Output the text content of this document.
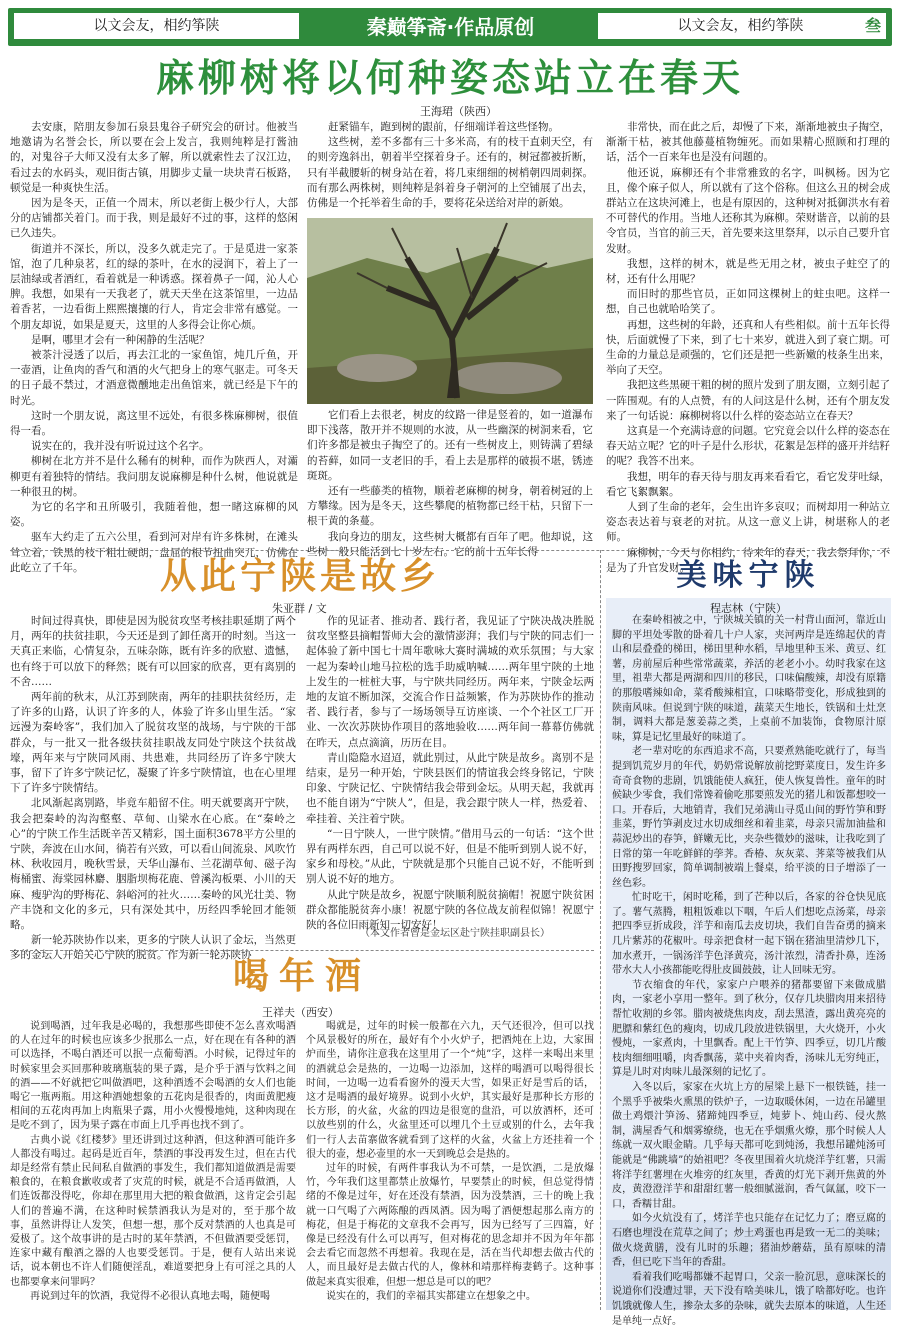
以文会友，相约筝陕	秦巅筝斋·作品原创	以文会友，相约筝陕	叁
麻柳树将以何种姿态站立在春天
王海珺（陕西）

去安康，陪朋友参加石泉县鬼谷子研究会的研讨。他被当地邀请为名誉会长，所以要在会上发言，我则纯粹是打酱油的，对鬼谷子大师又没有太多了解，所以就索性去了汉江边，看过去的水码头，观旧街古镇，用脚步丈量一块块青石板路，顿觉是一种爽快生活。

因为是冬天，正值一个周末，所以老街上极少行人，大部分的店铺都关着门。而于我，则是最好不过的事，这样的悠闲已久违失。

街道并不深长，所以，没多久就走完了。于是觅进一家茶馆，泡了几种泉茗，红的绿的茶叶，在水的浸润下，着上了一层油绿或者酒红，看着就是一种诱惑。探着鼻子一闻，沁人心脾。我想，如果有一天我老了，就天天坐在这茶馆里，一边品着香茗，一边看街上熙熙攘攘的行人，肯定会非常有感觉。一个朋友却说，如果是夏天，这里的人多得会让你心烦。

是啊，哪里才会有一种闲静的生活呢？

被茶汁浸透了以后，再去江北的一家鱼馆，炖几斤鱼，开一壶酒，让鱼肉的香气和酒的火气把身上的寒气驱走。可冬天的日子最不禁过，才酒意微醺地走出鱼馆来，就已经是下午的时光。

这时一个朋友说，离这里不远处，有很多株麻柳树，很值得一看。

说实在的，我并没有听说过这个名字。

柳树在北方并不是什么稀有的树种，而作为陕西人，对灞柳更有着独特的情结。我问朋友说麻柳是种什么树，他说就是一种很丑的树。

为它的名字和丑所吸引，我随着他，想一睹这麻柳的风姿。

驱车大约走了五六公里，看到河对岸有许多株树，在滩头耸立着，铁黑的枝干粗壮硬朗，盘屈的根节扭曲突兀，仿佛在此屹立了千年。

赶紧锚车，跑到树的跟前，仔细端详着这些怪物。

这些树，差不多都有三十多米高，有的枝干直刺天空，有的则旁逸斜出，朝着半空探着身子。还有的，树冠都被折断，只有半截腰斩的树身站在着，将几束细细的树梢朝四周刺探。而有那么两株树，则纯粹是斜着身子朝河的上空铺展了出去，仿佛是一个托举着生命的手，要将花朵送给对岸的新娘。

它们看上去很老，树皮的纹路一律是竖着的，如一道瀑布即下浅落，散开并不规则的水波，从一些幽深的树洞来看，它们许多都是被虫子掏空了的。还有一些树皮上，则铸满了碧绿的苔藓，如同一支老旧的手，看上去是那样的破损不堪，锈迹斑斑。

还有一些藤类的植物，顺着老麻柳的树身，朝着树冠的上方攀缘。因为是冬天，这些攀爬的植物都已经干枯，只留下一根干黄的条蔓。

我向身边的朋友，这些树大概都有百年了吧。他却说，这些树一般只能活到七十岁左右。它的前十五年长得

非常快，而在此之后，却慢了下来，渐渐地被虫子掏空，渐渐干枯，被其他藤蔓植物缠死。而如果精心照顾和打理的话，活个一百来年也是没有问题的。

他还说，麻柳还有个非常雅致的名字，叫枫杨。因为它且，像个麻子似人，所以就有了这个俗称。但这么丑的树会成群站立在这块河滩上，也是有原因的，这种树对抵御洪水有着不可替代的作用。当地人还称其为麻柳。荣财谐音，以前的县令官员，当官的前三天，首先要来这里祭拜，以示自己要升官发财。

我想，这样的树木，就是些无用之材，被虫子蛀空了的材，还有什么用呢？

而旧时的那些官员，正如同这棵树上的蛀虫吧。这样一想，自己也就哈哈笑了。

再想，这些树的年龄，还真和人有些相似。前十五年长得快，后面就慢了下来，到了七十来岁，就进入到了衰亡期。可生命的力量总是顽强的，它们还是把一些新嫩的枝条生出来，举向了天空。

我把这些黑硬干粗的树的照片发到了朋友圈，立刻引起了一阵围观。有的人点赞，有的人问这是什么树，还有个朋友发来了一句话说：麻柳树将以什么样的姿态站立在春天？

这真是一个充满诗意的问题。它究竟会以什么样的姿态在春天站立呢？它的叶子是什么形状，花絮是怎样的盛开并结籽的呢？我答不出来。

我想，明年的春天待与朋友再来看看它，看它发芽吐绿，看它飞絮飘絮。

人到了生命的老年，会生出许多哀叹；而树却用一种站立姿态表达着与衰老的对抗。从这一意义上讲，树堪称人的老师。

麻柳树，今天与你相约，待来年的春天，我去祭拜你，不是为了升官发财。

从此宁陕是故乡
朱亚群 / 文

时间过得真快，即使是因为脱贫攻坚考核挂职延期了两个月，两年的扶贫挂职，今天还是到了卸任离开的时刻。当这一天真正来临，心情复杂，五味杂陈，既有许多的欣慰、遗憾，也有终于可以放下的释然；既有可以回家的欣喜，更有离别的不舍……

两年前的秋末，从江苏到陕南，两年的挂职扶贫经历，走了许多的山路，认识了许多的人，体验了许多山里生活。“家远漫为秦岭客”，我们加入了脱贫攻坚的战场，与宁陕的干部群众，与一批又一批各级扶贫挂职战友同处宁陕这个扶贫战壕，两年来与宁陕同风雨、共患难，共同经历了许多宁陕大事，留下了许多宁陕记忆，凝聚了许多宁陕情谊，也在心里埋下了许多宁陕情结。

北风渐起离别路，毕竟车船留不住。明天就要离开宁陕，我会把秦岭的沟沟壑壑、草甸、山梁水在心底。在“秦岭之心”的宁陕工作生活既辛苦又精彩，国土面积3678平方公里的宁陕，奔波在山水间，徜若有兴致，可以看山间流泉、风吹竹林、秋收园月，晚秋雪景，天华山瀑布、兰花湖草甸、磁子沟梅桶蜜、海棠园林麝、胭脂坝梅花鹿、曾溪沟板栗、小川的天麻、瘦驴沟的野梅花、斜峪河的社火……秦岭的风光壮美、物产丰饶和文化的多元，只有深处其中，历经四季轮回才能领略。

新一轮苏陕协作以来，更多的宁陕人认识了金坛，当然更多的金坛人开始关心宁陕的脱贫。作为新一轮苏陕协

作的见证者、推动者、践行者，我见证了宁陕决战决胜脱贫攻坚整县摘帽誓师大会的激情澎湃；我们与宁陕的同志们一起体验了新中国七十周年歌咏大赛时满城的欢乐氛围；与大家一起为秦岭山地马拉松的选手助威呐喊……两年里宁陕的土地上发生的一桩桩大事，与宁陕共同经历。两年来，宁陕金坛两地的友谊不断加深，交流合作日益频繁，作为苏陕协作的推动者、践行者，参与了一场场领导互访座谈、一个个社区工厂开业、一次次苏陕协作项目的落地验收……两年间一幕幕仿佛就在昨天，点点滴滴，历历在目。

青山隐隐水迢迢，就此别过，从此宁陕是故乡。离别不是结束，是另一种开始，宁陕县医们的情谊我会终身铭记，宁陕印象、宁陕记忆、宁陕情结我会带到金坛。从明天起，我就再也不能自诩为“宁陕人”，但是，我会跟宁陕人一样，热爱着、牵挂着、关注着宁陕。

“一日宁陕人，一世宁陕情。”借用马云的一句话：“这个世界有两样东西，自己可以说不好，但是不能听到别人说不好，家乡和母校。”从此，宁陕就是那个只能自己说不好，不能听到别人说不好的地方。

从此宁陕是故乡，祝愿宁陕顺利脱贫摘帽！祝愿宁陕贫困群众都能脱贫奔小康！祝愿宁陕的各位战友前程似锦！祝愿宁陕的各位旧雨新知一切安好！

（本文作者曾是金坛区赴宁陕挂职副县长）
喝年酒
王祥夫（西安）

说到喝酒，过年我是必喝的，我想那些即使不怎么喜欢喝酒的人在过年的时候也应该多少抿那么一点，好在现在有各种的酒可以选择，不喝白酒还可以抿一点葡萄酒。小时候，记得过年的时候家里会买回那种玻璃瓶装的果子露，是介乎于酒与饮料之间的酒——不好就把它叫做酒吧，这种酒透不会喝酒的女人们也能喝它一瓶两瓶。用这种酒她想象的五花肉是很香的，肉面黄肥瘦相间的五花肉再加上肉瓶果子露，用小火慢慢地炖，这种肉现在是吃不到了，因为果子露在市面上几乎再也找不到了。

古典小说《红楼梦》里还讲到过这种酒，但这种酒可能许多人都没有喝过。起码是近百年，禁酒的事没再发生过，但在古代却是经常有禁止民间私自做酒的事发生，我们都知道做酒是需要粮食的，在粮食歉收或者了灾荒的时候，就是不合适再做酒，人们连饭都没得吃，你却在那里用大把的粮食做酒，这肯定会引起人们的普遍不满，在这种时候禁酒我认为是对的，至于那个故事，虽然讲得让人发笑，但想一想，那个反对禁酒的人也真是可爱极了。这个故事讲的是古时的某年禁酒，不但做酒要受惩罚，连家中藏有酿酒之器的人也要受惩罚。于是，便有人站出来说话，说本朝也不许人们随便淫乱，难道要把身上有可淫之具的人也都要拿来问罪吗？

再说到过年的饮酒，我觉得不必很认真地去喝，随便喝

喝就是，过年的时候一般都在六九，天气还很冷，但可以找个风景极好的所在，最好有个小火炉子，把酒炖在上边，大家围炉而坐，请你注意我在这里用了一个“炖”字，这样一来喝出来里的酒就总会是热的，一边喝一边添加，这样的喝酒可以喝得很长时间，一边喝一边看看窗外的漫天大雪，如果正好是雪后的话，这才是喝酒的最好境界。说到小火炉，其实最好是那种长方形的长方形，的火盆，火盆的四边是很宽的盘沿，可以放酒杯，还可以放些别的什么，火盆里还可以埋几个土豆或别的什么，去年我们一行人去苗寨做客就看到了这样的火盆，火盆上方还挂着一个很大的壶，想必壶里的水一天到晚总会是热的。

过年的时候，有两件事我认为不可禁，一是饮酒，二是放爆竹，今年我们这里都禁止放爆竹，早要禁止的时候，但总觉得情绪的不像是过年，好在还没有禁酒，因为没禁酒，三十的晚上我就一口气喝了六两陈酿的西凤酒。因为喝了酒便想起那么南方的梅花，但是于梅花的文章我不会再写，因为已经写了三四篇，好像是已经没有什么可以再写，但对梅花的思念却并不因为年年都会去看它而忽然不再想着。我现在是，活在当代却想去做古代的人，而且最好是去做古代的人，像林和靖那样梅妻鹤子。这种事做起来真实很难，但想一想总是可以的吧？

说实在的，我们的幸福其实都建立在想象之中。

美味宁陕
程志林（宁陕）

在秦岭相被之中，宁陕城关镇的关一村背山面河，靠近山脚的平坦处零散的卧着几十户人家，夹河两岸是连绵起伏的青山和层叠叠的梯田，梯田里种水稻，旱地里种玉米、黄豆、红薯，房前屋后种些常常蔬菜，养活的老老小小。幼时我家在这里，祖辈大都是两湖和四川的移民，口味偏酸辣，却没有原籍的那般嗜辣如命，菜肴酸辣相宜，口味略带变化，形成独到的陕南风味。但说到宁陕的味道，蔬菜天生地长，铁锅和土灶烹制，调料大都是葱姜蒜之类，上桌前不加装饰，食物原汁原味，算是记忆里最好的味道了。

老一辈对吃的东西追求不高，只要煮熟能吃就行了，每当提到饥荒岁月的年代，奶奶常说解放前挖野菜度日，发生许多奇奇食物的悲剧，饥饿能使人疯狂，使人恢复兽性。童年的时候缺少零食，我们常馋着偷吃那要煎发光的猪儿和饭都想咬一口。开春后，大地销青，我们兄弟满山寻觅山间的野竹笋和野韭菜，野竹笋剥皮过水切成细丝和着韭菜，母亲只需加油盐和蒜泥炒出的春笋，鲜嫩无比，夹杂些微妙的滋味，让我吃到了日常的第一年吃鲜鲜的荸荠。香椿、灰灰菜、荠菜等被我们从田野搜罗回家，简单调制被端上餐桌，给平淡的日子增添了一丝色彩。

忙时吃干，闲时吃稀，到了芒种以后，各家的谷仓快见底了。薯气蒸腾，粗粗饭难以下咽，午后人们想吃点汤菜，母亲把四季豆折成段，洋芋和南瓜去皮切块，我们自告奋勇的摘来几片紫苏的花椒叶。母亲把食材一起下锅在猪油里清炒几下，加水煮开，一锅汤洋芋色泽黄亮，汤汁浓烈，清香扑鼻，连汤带水大人小孩都能吃得肚皮圆鼓鼓，让人回味无穷。

节衣缩食的年代，家家户户喂养的猪都要留下来做成腊肉，一家老小享用一整年。到了秋分，仅存几块腊肉用来招待帮忙收割的乡邻。腊肉被烧焦肉皮，刮去黑渣，露出黄亮亮的肥膘和紫红色的瘦肉，切成几段放进铁锅里，大火烧开，小火慢炖，一家煮肉，十里飘香。配上干竹笋、四季豆，切几片酸枝肉细细咀嚼，肉香飘荡，菜中夹着肉香，汤味儿无穷纯正，算是儿时对肉味儿最深刻的记忆了。

入冬以后，家家在火坑上方的屋梁上悬下一根铁链，挂一个黑乎乎被柴火熏黑的铁炉子，一边取暖休闲，一边在吊罐里做土鸡煨汁笋汤、猪蹄炖四季豆，炖萝卜、炖山药、侵火熬制，满屋香气和烟雾缭绕，也无在乎烟熏火燎，那个时候人人练就一双火眼金睛。几乎每天都可吃到炖汤，我想吊罐炖汤可能就是“佛跳墙”的始祖吧？冬夜里围着火坑烧洋芋红薯，只需将洋芋红薯埋在火堆旁的红灰里，香黄的灯光下剥开焦黄的外皮，黄澄澄洋芋和甜甜红薯一般细腻滋润，香气氤氲，咬下一口，香糯甘甜。

如今火炕没有了，烤洋芋也只能存在记忆力了；磨豆腐的石磨也埋没在荒草之间了；炒土鸡蛋也再是致一无二的美味；做火烧黄膳，没有儿时的乐趣；猪油炒蘑菇，虽有原味的清香，但已吃下当年的香甜。

看着我们吃喝都嫌不起胃口，父亲一脸沉思，意味深长的说道你们没遭过罪，天下没有啥美味儿，饿了啥都好吃。也许饥饿就像人生，掺杂太多的杂味，就失去原本的味道，人生还是单纯一点好。
